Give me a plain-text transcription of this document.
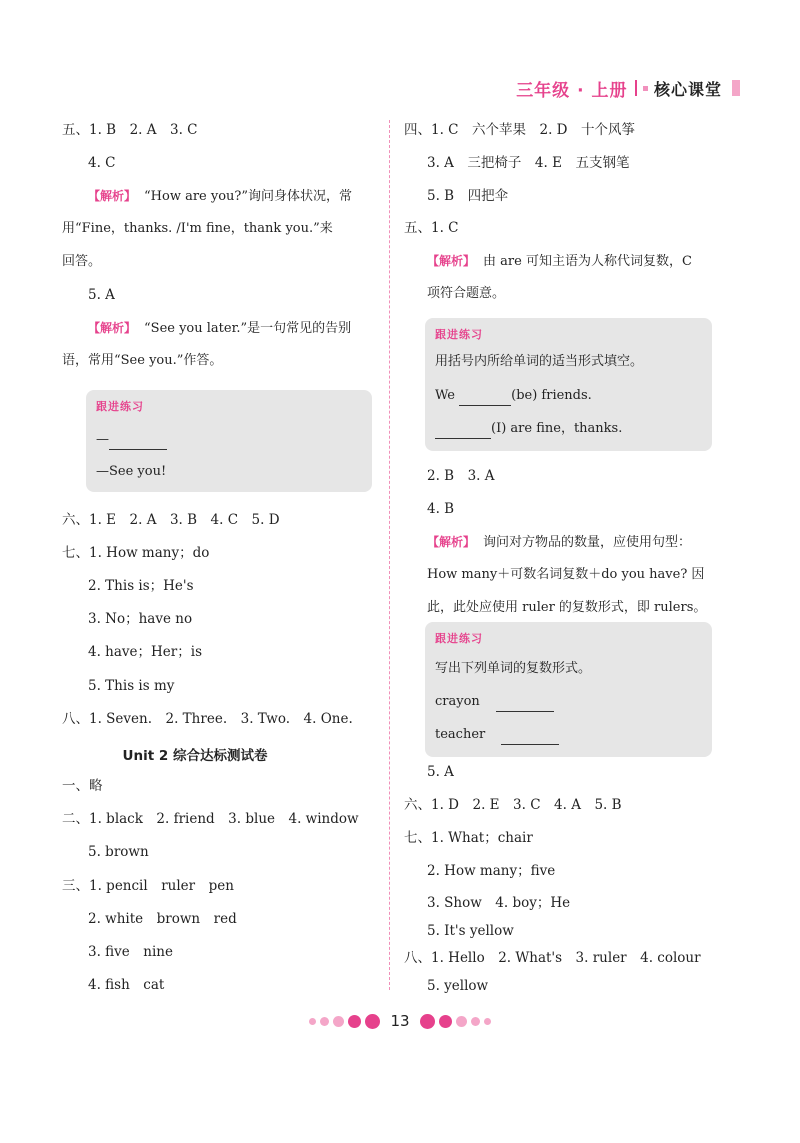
三年级 · 上册 核心课堂
五、1. B　2. A　3. C
4. C
【解析】 “How are you?”询问身体状况，常
用“Fine，thanks. /I'm fine，thank you.”来
回答。
5. A
【解析】 “See you later.”是一句常见的告别
语，常用“See you.”作答。
跟进练习
—
—See you!
六、1. E　2. A　3. B　4. C　5. D
七、1. How many；do
2. This is；He's
3. No；have no
4. have；Her；is
5. This is my
八、1. Seven.　2. Three.　3. Two.　4. One.
Unit 2 综合达标测试卷
一、略
二、1. black　2. friend　3. blue　4. window
5. brown
三、1. pencil　ruler　pen
2. white　brown　red
3. five　nine
4. fish　cat
四、1. C　六个苹果　2. D　十个风筝
3. A　三把椅子　4. E　五支钢笔
5. B　四把伞
五、1. C
【解析】 由 are 可知主语为人称代词复数，C
项符合题意。
跟进练习
用括号内所给单词的适当形式填空。
We	(be) friends.
(I) are fine，thanks.
2. B　3. A
4. B
【解析】 询问对方物品的数量，应使用句型：
How many＋可数名词复数＋do you have? 因
此，此处应使用 ruler 的复数形式，即 rulers。
跟进练习
写出下列单词的复数形式。
crayon
teacher
5. A
六、1. D　2. E　3. C　4. A　5. B
七、1. What；chair
2. How many；five
3. Show　4. boy；He
5. It's yellow
八、1. Hello　2. What's　3. ruler　4. colour
5. yellow
13
